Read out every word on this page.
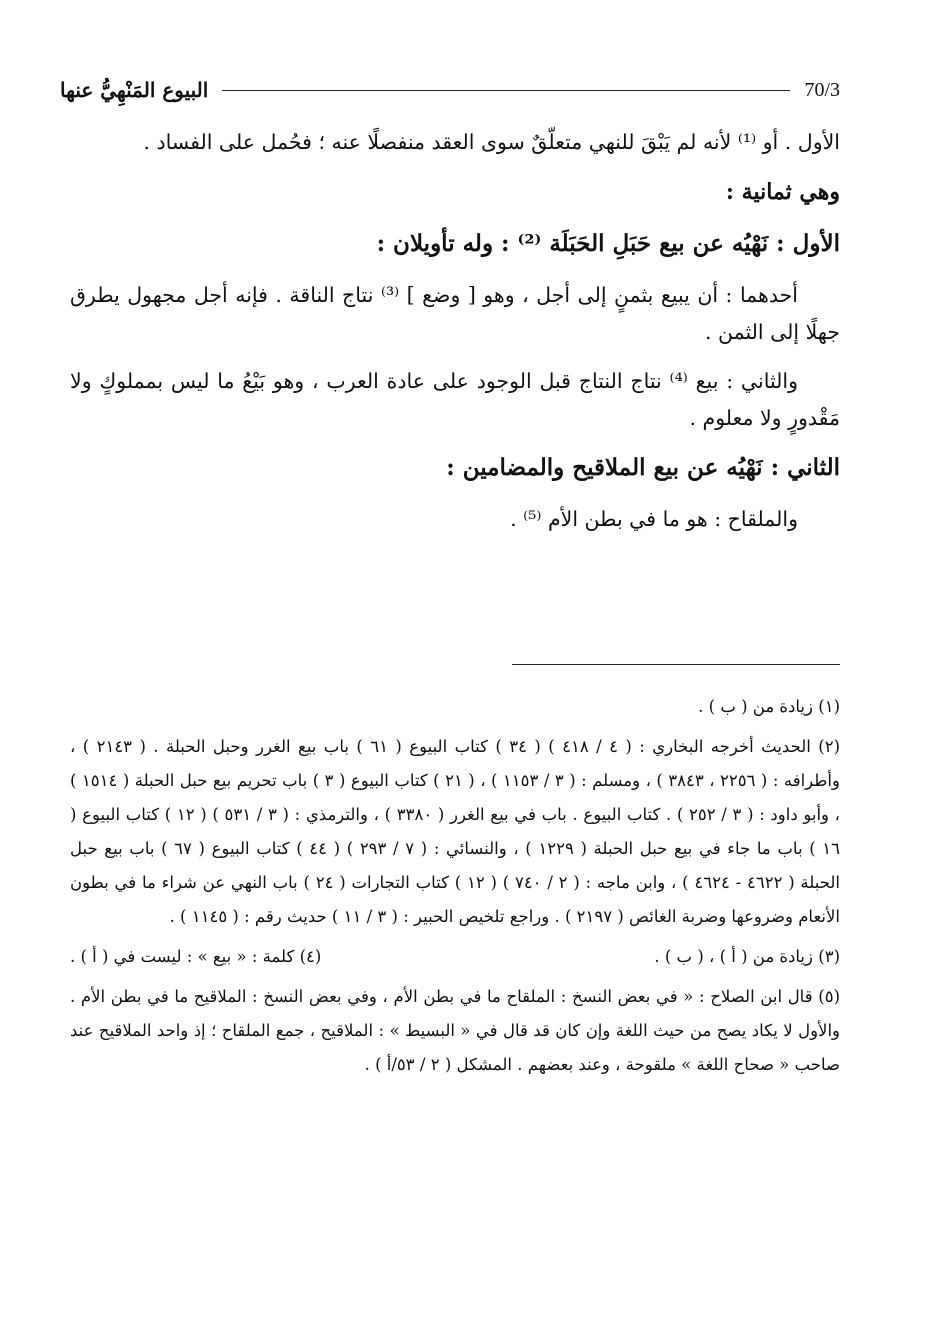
70/3
البيوع المَنْهِيُّ عنها

الأول . أو ⁽¹⁾ لأنه لم يَبْقَ للنهي متعلّقٌ سوى العقد منفصلًا عنه ؛ فحُمل على الفساد .

وهي ثمانية :

الأول : نَهْيُه عن بيع حَبَلِ الحَبَلَة ⁽²⁾ : وله تأويلان :

أحدهما : أن يبيع بثمنٍ إلى أجل ، وهو [ وضع ] ⁽³⁾ نتاج الناقة . فإنه أجل مجهول يطرق جهلًا إلى الثمن .

والثاني : بيع ⁽⁴⁾ نتاج النتاج قبل الوجود على عادة العرب ، وهو بَيْعُ ما ليس بمملوكٍ ولا مَقْدورٍ ولا معلوم .

الثاني : نَهْيُه عن بيع الملاقيح والمضامين :

والملقاح : هو ما في بطن الأم ⁽⁵⁾ .

(١) زيادة من ( ب ) .

(٢) الحديث أخرجه البخاري : ( ٤ / ٤١٨ ) ( ٣٤ ) كتاب البيوع ( ٦١ ) باب بيع الغرر وحبل الحبلة . ( ٢١٤٣ ) ، وأطرافه : ( ٢٢٥٦ ، ٣٨٤٣ ) ، ومسلم : ( ٣ / ١١٥٣ ) ، ( ٢١ ) كتاب البيوع ( ٣ ) باب تحريم بيع حبل الحبلة ( ١٥١٤ ) ، وأبو داود : ( ٣ / ٢٥٢ ) . كتاب البيوع . باب في بيع الغرر ( ٣٣٨٠ ) ، والترمذي : ( ٣ / ٥٣١ ) ( ١٢ ) كتاب البيوع ( ١٦ ) باب ما جاء في بيع حبل الحبلة ( ١٢٢٩ ) ، والنسائي : ( ٧ / ٢٩٣ ) ( ٤٤ ) كتاب البيوع ( ٦٧ ) باب بيع حبل الحبلة ( ٤٦٢٢ - ٤٦٢٤ ) ، وابن ماجه : ( ٢ / ٧٤٠ ) ( ١٢ ) كتاب التجارات ( ٢٤ ) باب النهي عن شراء ما في بطون الأنعام وضروعها وضربة الغائص ( ٢١٩٧ ) . وراجع تلخيص الحبير : ( ٣ / ١١ ) حديث رقم : ( ١١٤٥ ) .

(٣) زيادة من ( أ ) ، ( ب ) .

(٤) كلمة : « بيع » : ليست في ( أ ) .

(٥) قال ابن الصلاح : « في بعض النسخ : الملقاح ما في بطن الأم ، وفي بعض النسخ : الملاقيح ما في بطن الأم . والأول لا يكاد يصح من حيث اللغة وإن كان قد قال في « البسيط » : الملاقيح ، جمع الملقاح ؛ إذ واحد الملاقيح عند صاحب « صحاح اللغة » ملقوحة ، وعند بعضهم . المشكل ( ٢ / ٥٣/أ ) .
